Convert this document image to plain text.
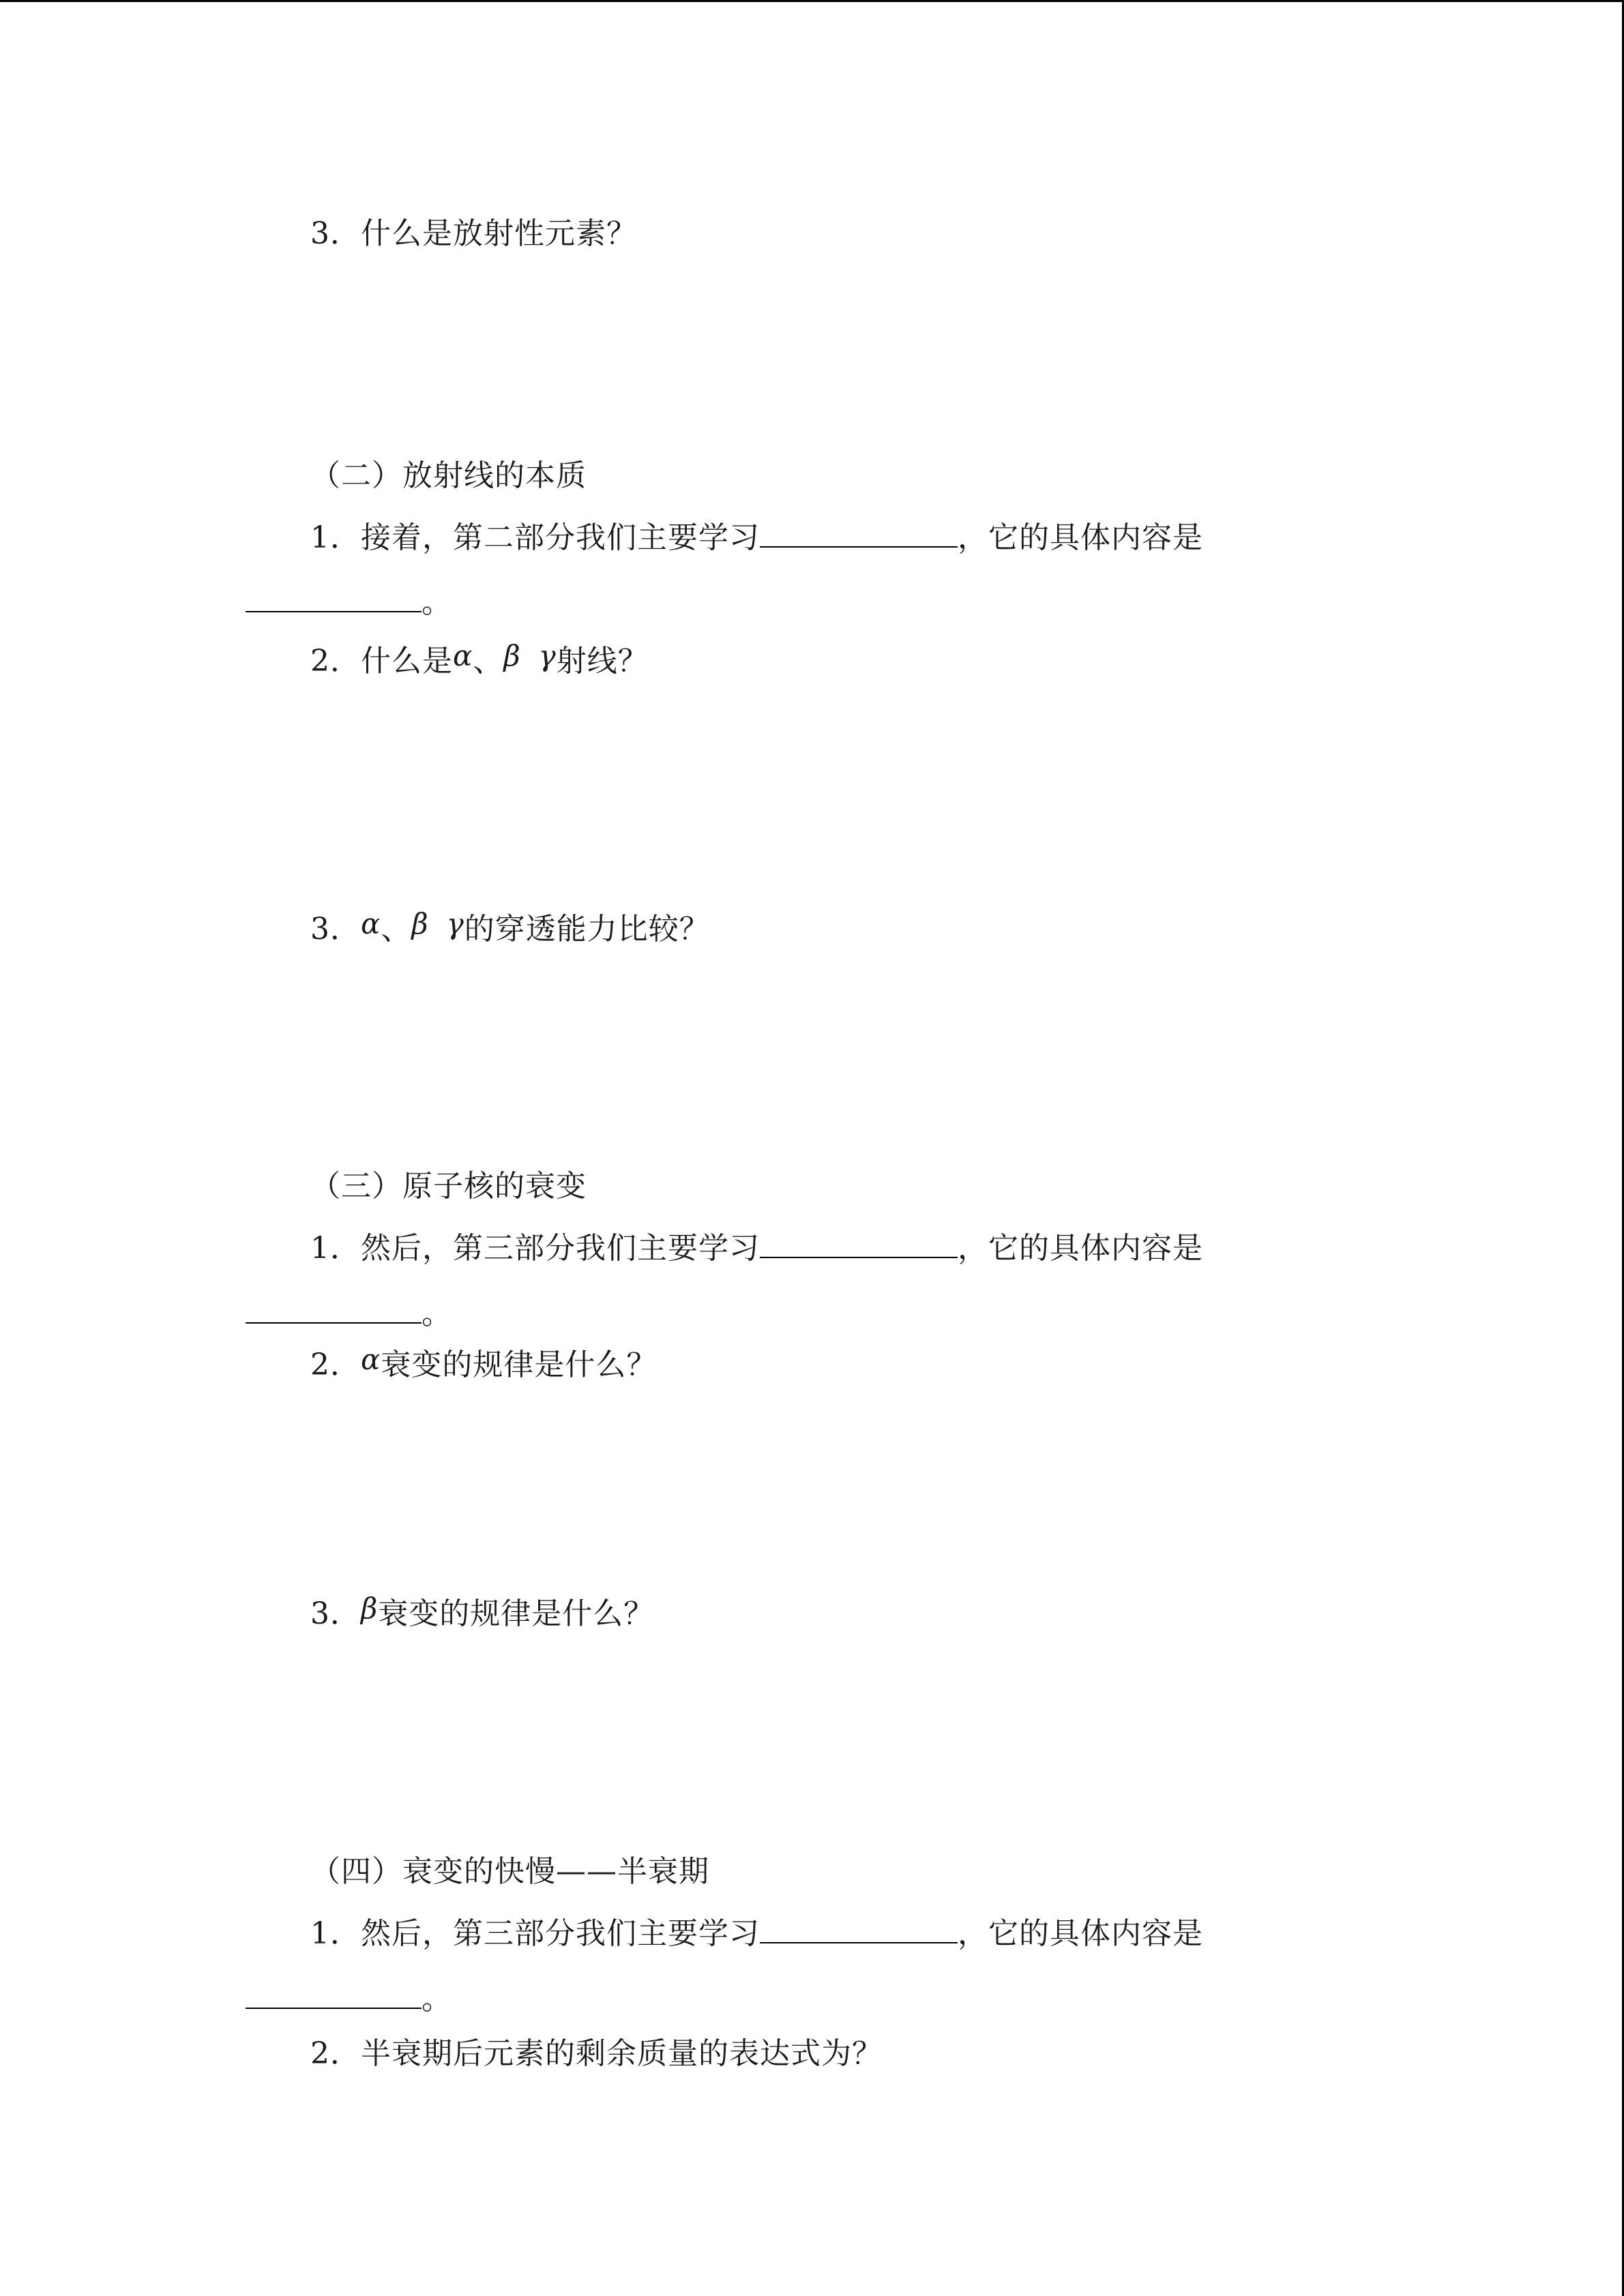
3．什么是放射性元素？
（二）放射线的本质
1．接着，第二部分我们主要学习	，它的具体内容是
。
2．什么是α、β γ射线？
3．α、β γ的穿透能力比较？
（三）原子核的衰变
1．然后，第三部分我们主要学习	，它的具体内容是
。
2．α衰变的规律是什么？
3．β衰变的规律是什么？
（四）衰变的快慢——半衰期
1．然后，第三部分我们主要学习	，它的具体内容是
。
2．半衰期后元素的剩余质量的表达式为？
